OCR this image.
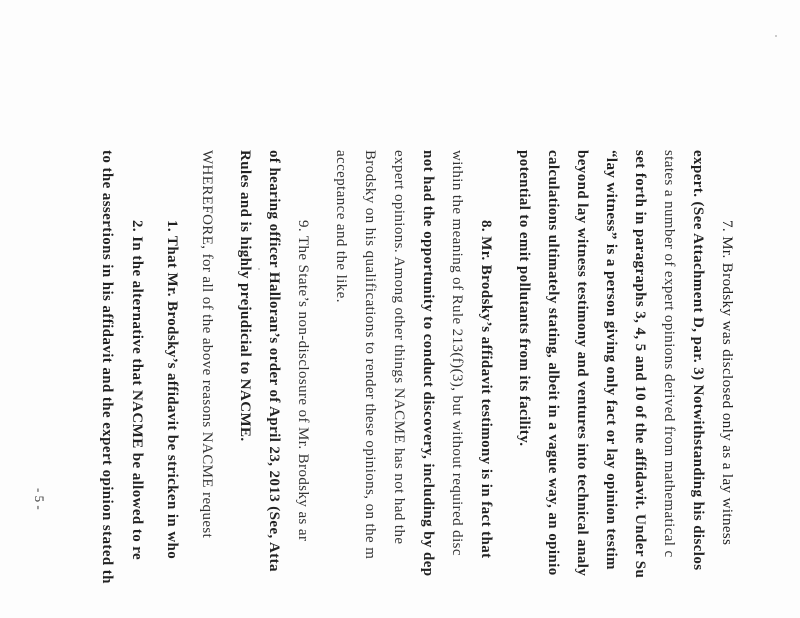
7. Mr. Brodsky was disclosed only as a lay witness
expert. (See Attachment D, par. 3) Notwithstanding his disclos
states a number of expert opinions derived from mathematical c
set forth in paragraphs 3, 4, 5 and 10 of the affidavit. Under Su
“lay witness” is a person giving only fact or lay opinion testim
beyond lay witness testimony and ventures into technical analy
calculations ultimately stating, albeit in a vague way, an opinio
potential to emit pollutants from its facility.
8. Mr. Brodsky’s affidavit testimony is in fact that
within the meaning of Rule 213(f)(3), but without required disc
not had the opportunity to conduct discovery, including by dep
expert opinions. Among other things NACME has not had the
Brodsky on his qualifications to render these opinions, on the m
acceptance and the like.
9. The State’s non-disclosure of Mr. Brodsky as ar
of hearing officer Halloran’s order of April 23, 2013 (See, Atta
Rules and is highly prejudicial to NACME.
WHEREFORE, for all of the above reasons NACME request
1. That Mr. Brodsky’s affidavit be stricken in who
2. In the alternative that NACME be allowed to re
to the assertions in his affidavit and the expert opinion stated th
- 5 -
